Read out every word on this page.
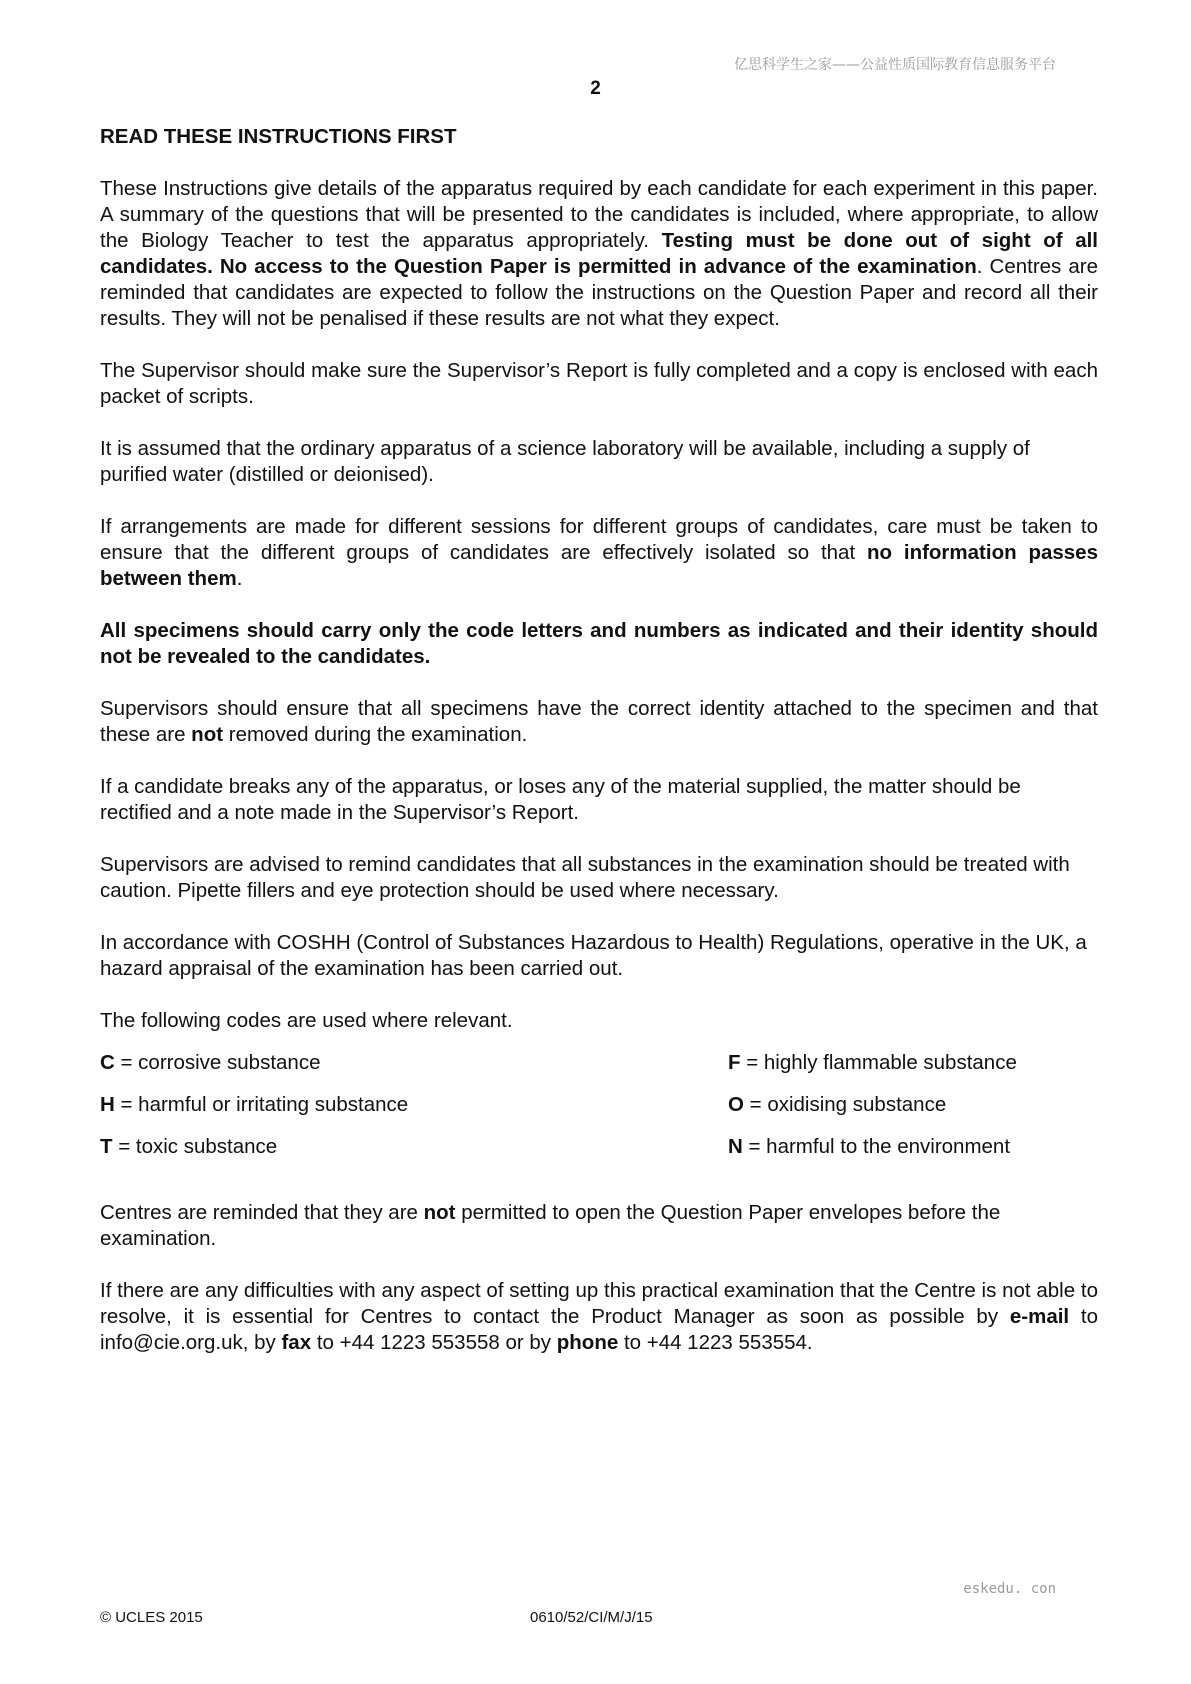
亿思科学生之家——公益性质国际教育信息服务平台
2
READ THESE INSTRUCTIONS FIRST

These Instructions give details of the apparatus required by each candidate for each experiment in this paper. A summary of the questions that will be presented to the candidates is included, where appropriate, to allow the Biology Teacher to test the apparatus appropriately. Testing must be done out of sight of all candidates. No access to the Question Paper is permitted in advance of the examination. Centres are reminded that candidates are expected to follow the instructions on the Question Paper and record all their results. They will not be penalised if these results are not what they expect.

The Supervisor should make sure the Supervisor’s Report is fully completed and a copy is enclosed with each packet of scripts.

It is assumed that the ordinary apparatus of a science laboratory will be available, including a supply of purified water (distilled or deionised).

If arrangements are made for different sessions for different groups of candidates, care must be taken to ensure that the different groups of candidates are effectively isolated so that no information passes between them.

All specimens should carry only the code letters and numbers as indicated and their identity should not be revealed to the candidates.

Supervisors should ensure that all specimens have the correct identity attached to the specimen and that these are not removed during the examination.

If a candidate breaks any of the apparatus, or loses any of the material supplied, the matter should be rectified and a note made in the Supervisor’s Report.

Supervisors are advised to remind candidates that all substances in the examination should be treated with caution. Pipette fillers and eye protection should be used where necessary.

In accordance with COSHH (Control of Substances Hazardous to Health) Regulations, operative in the UK, a hazard appraisal of the examination has been carried out.

The following codes are used where relevant.

C = corrosive substance	F = highly flammable substance
H = harmful or irritating substance	O = oxidising substance
T = toxic substance	N = harmful to the environment

Centres are reminded that they are not permitted to open the Question Paper envelopes before the examination.

If there are any difficulties with any aspect of setting up this practical examination that the Centre is not able to resolve, it is essential for Centres to contact the Product Manager as soon as possible by e-mail to info@cie.org.uk, by fax to +44 1223 553558 or by phone to +44 1223 553554.

eskedu. con
© UCLES 2015	0610/52/CI/M/J/15
